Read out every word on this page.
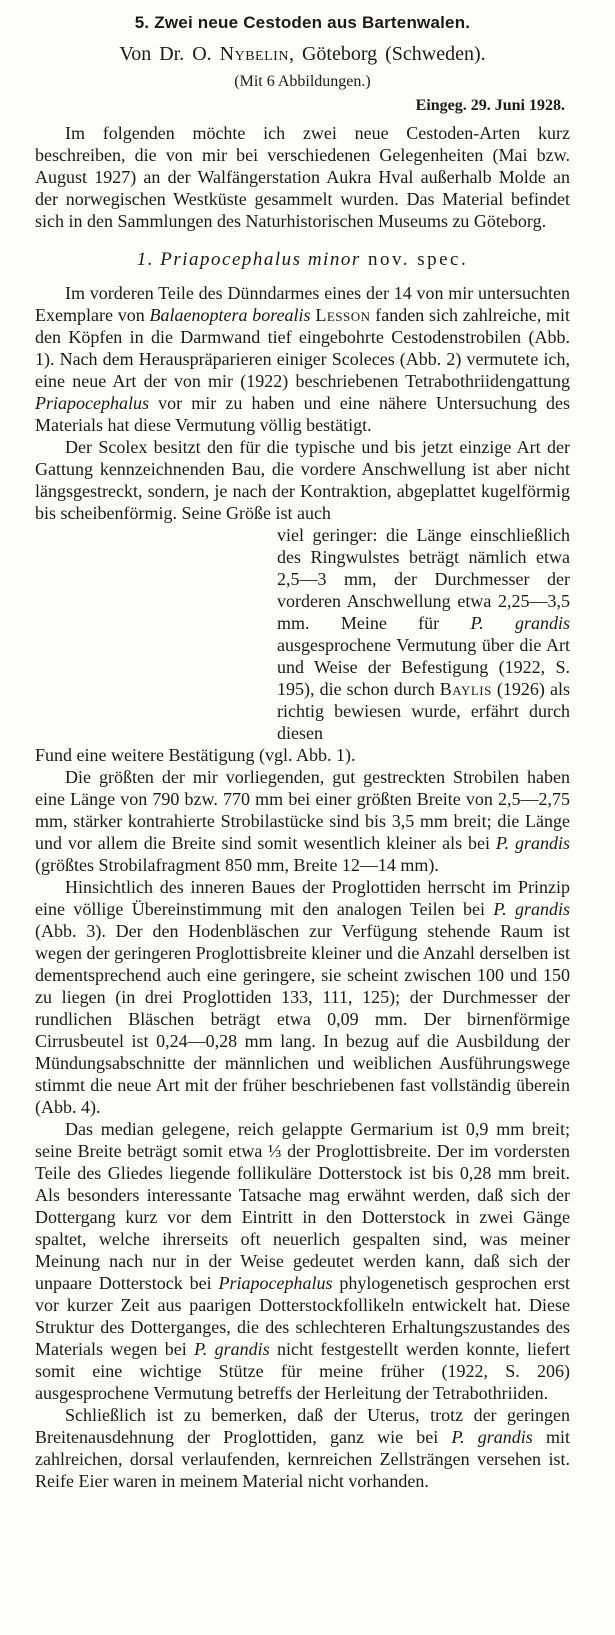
5. Zwei neue Cestoden aus Bartenwalen.
Von Dr. O. Nybelin, Göteborg (Schweden).
(Mit 6 Abbildungen.)
Eingeg. 29. Juni 1928.

Im folgenden möchte ich zwei neue Cestoden-Arten kurz beschreiben, die von mir bei verschiedenen Gelegenheiten (Mai bzw. August 1927) an der Walfängerstation Aukra Hval außerhalb Molde an der norwegischen Westküste gesammelt wurden. Das Material befindet sich in den Sammlungen des Naturhistorischen Museums zu Göteborg.

1. Priapocephalus minor nov. spec.

Im vorderen Teile des Dünndarmes eines der 14 von mir untersuchten Exemplare von Balaenoptera borealis Lesson fanden sich zahlreiche, mit den Köpfen in die Darmwand tief eingebohrte Cestodenstrobilen (Abb. 1). Nach dem Herauspräparieren einiger Scoleces (Abb. 2) vermutete ich, eine neue Art der von mir (1922) beschriebenen Tetrabothriidengattung Priapocephalus vor mir zu haben und eine nähere Untersuchung des Materials hat diese Vermutung völlig bestätigt.

Der Scolex besitzt den für die typische und bis jetzt einzige Art der Gattung kennzeichnenden Bau, die vordere Anschwellung ist aber nicht längsgestreckt, sondern, je nach der Kontraktion, abgeplattet kugelförmig bis scheibenförmig. Seine Größe ist auch

viel geringer: die Länge einschließlich des Ringwulstes beträgt nämlich etwa 2,5—3 mm, der Durchmesser der vorderen Anschwellung etwa 2,25—3,5 mm. Meine für P. grandis ausgesprochene Vermutung über die Art und Weise der Befestigung (1922, S. 195), die schon durch Baylis (1926) als richtig bewiesen wurde, erfährt durch diesen

Fund eine weitere Bestätigung (vgl. Abb. 1).

Die größten der mir vorliegenden, gut gestreckten Strobilen haben eine Länge von 790 bzw. 770 mm bei einer größten Breite von 2,5—2,75 mm, stärker kontrahierte Strobilastücke sind bis 3,5 mm breit; die Länge und vor allem die Breite sind somit wesentlich kleiner als bei P. grandis (größtes Strobilafragment 850 mm, Breite 12—14 mm).

Hinsichtlich des inneren Baues der Proglottiden herrscht im Prinzip eine völlige Übereinstimmung mit den analogen Teilen bei P. grandis (Abb. 3). Der den Hodenbläschen zur Verfügung stehende Raum ist wegen der geringeren Proglottisbreite kleiner und die Anzahl derselben ist dementsprechend auch eine geringere, sie scheint zwischen 100 und 150 zu liegen (in drei Proglottiden 133, 111, 125); der Durchmesser der rundlichen Bläschen beträgt etwa 0,09 mm. Der birnenförmige Cirrusbeutel ist 0,24—0,28 mm lang. In bezug auf die Ausbildung der Mündungsabschnitte der männlichen und weiblichen Ausführungswege stimmt die neue Art mit der früher beschriebenen fast vollständig überein (Abb. 4).

Das median gelegene, reich gelappte Germarium ist 0,9 mm breit; seine Breite beträgt somit etwa ⅓ der Proglottisbreite. Der im vordersten Teile des Gliedes liegende follikuläre Dotterstock ist bis 0,28 mm breit. Als besonders interessante Tatsache mag erwähnt werden, daß sich der Dottergang kurz vor dem Eintritt in den Dotterstock in zwei Gänge spaltet, welche ihrerseits oft neuerlich gespalten sind, was meiner Meinung nach nur in der Weise gedeutet werden kann, daß sich der unpaare Dotterstock bei Priapocephalus phylogenetisch gesprochen erst vor kurzer Zeit aus paarigen Dotterstockfollikeln entwickelt hat. Diese Struktur des Dotterganges, die des schlechteren Erhaltungszustandes des Materials wegen bei P. grandis nicht festgestellt werden konnte, liefert somit eine wichtige Stütze für meine früher (1922, S. 206) ausgesprochene Vermutung betreffs der Herleitung der Tetrabothriiden.

Schließlich ist zu bemerken, daß der Uterus, trotz der geringen Breitenausdehnung der Proglottiden, ganz wie bei P. grandis mit zahlreichen, dorsal verlaufenden, kernreichen Zellsträngen versehen ist. Reife Eier waren in meinem Material nicht vorhanden.
